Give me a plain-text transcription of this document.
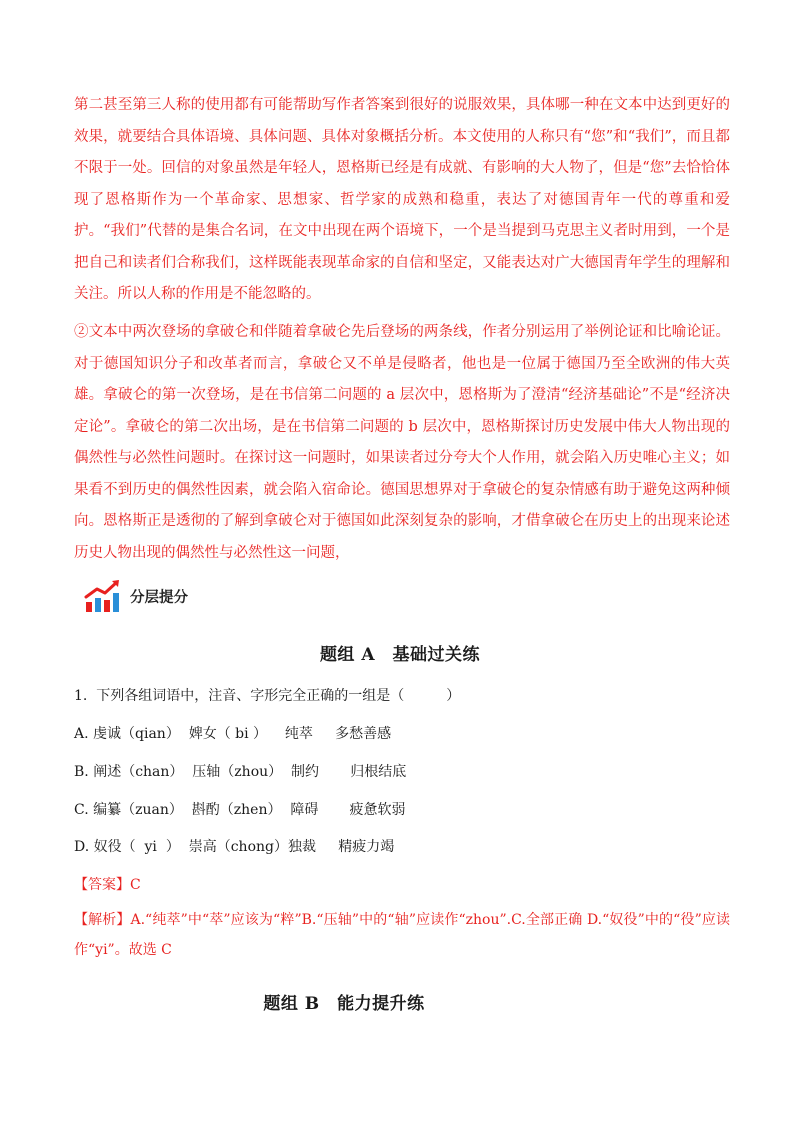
第二甚至第三人称的使用都有可能帮助写作者答案到很好的说服效果，具体哪一种在文本中达到更好的效果，就要结合具体语境、具体问题、具体对象概括分析。本文使用的人称只有“您”和“我们”，而且都不限于一处。回信的对象虽然是年轻人，恩格斯已经是有成就、有影响的大人物了，但是“您”去恰恰体现了恩格斯作为一个革命家、思想家、哲学家的成熟和稳重，表达了对德国青年一代的尊重和爱护。“我们”代替的是集合名词，在文中出现在两个语境下，一个是当提到马克思主义者时用到，一个是把自己和读者们合称我们，这样既能表现革命家的自信和坚定，又能表达对广大德国青年学生的理解和关注。所以人称的作用是不能忽略的。

②文本中两次登场的拿破仑和伴随着拿破仑先后登场的两条线，作者分别运用了举例论证和比喻论证。对于德国知识分子和改革者而言，拿破仑又不单是侵略者，他也是一位属于德国乃至全欧洲的伟大英雄。拿破仑的第一次登场，是在书信第二问题的 a 层次中，恩格斯为了澄清“经济基础论”不是“经济决定论”。拿破仑的第二次出场，是在书信第二问题的 b 层次中，恩格斯探讨历史发展中伟大人物出现的偶然性与必然性问题时。在探讨这一问题时，如果读者过分夸大个人作用，就会陷入历史唯心主义；如果看不到历史的偶然性因素，就会陷入宿命论。德国思想界对于拿破仑的复杂情感有助于避免这两种倾向。恩格斯正是透彻的了解到拿破仑对于德国如此深刻复杂的影响，才借拿破仑在历史上的出现来论述历史人物出现的偶然性与必然性这一问题，

分层提分
题组 A　基础过关练

1.  下列各组词语中，注音、字形完全正确的一组是（　　　）

A. 虔诚（qian）  婢女（ bi ）    纯萃     多愁善感

B. 阐述（chan）  压轴（zhou）  制约       归根结底

C. 编纂（zuan）  斟酌（zhen）  障碍       疲惫软弱

D. 奴役（  yi  ）  崇高（chong）独裁     精疲力竭

【答案】C

【解析】A.“纯萃”中“萃”应该为“粹”B.“压轴”中的“轴”应读作“zhou”.C.全部正确 D.“奴役”中的“役”应读作“yi”。故选 C

题组 B　能力提升练
